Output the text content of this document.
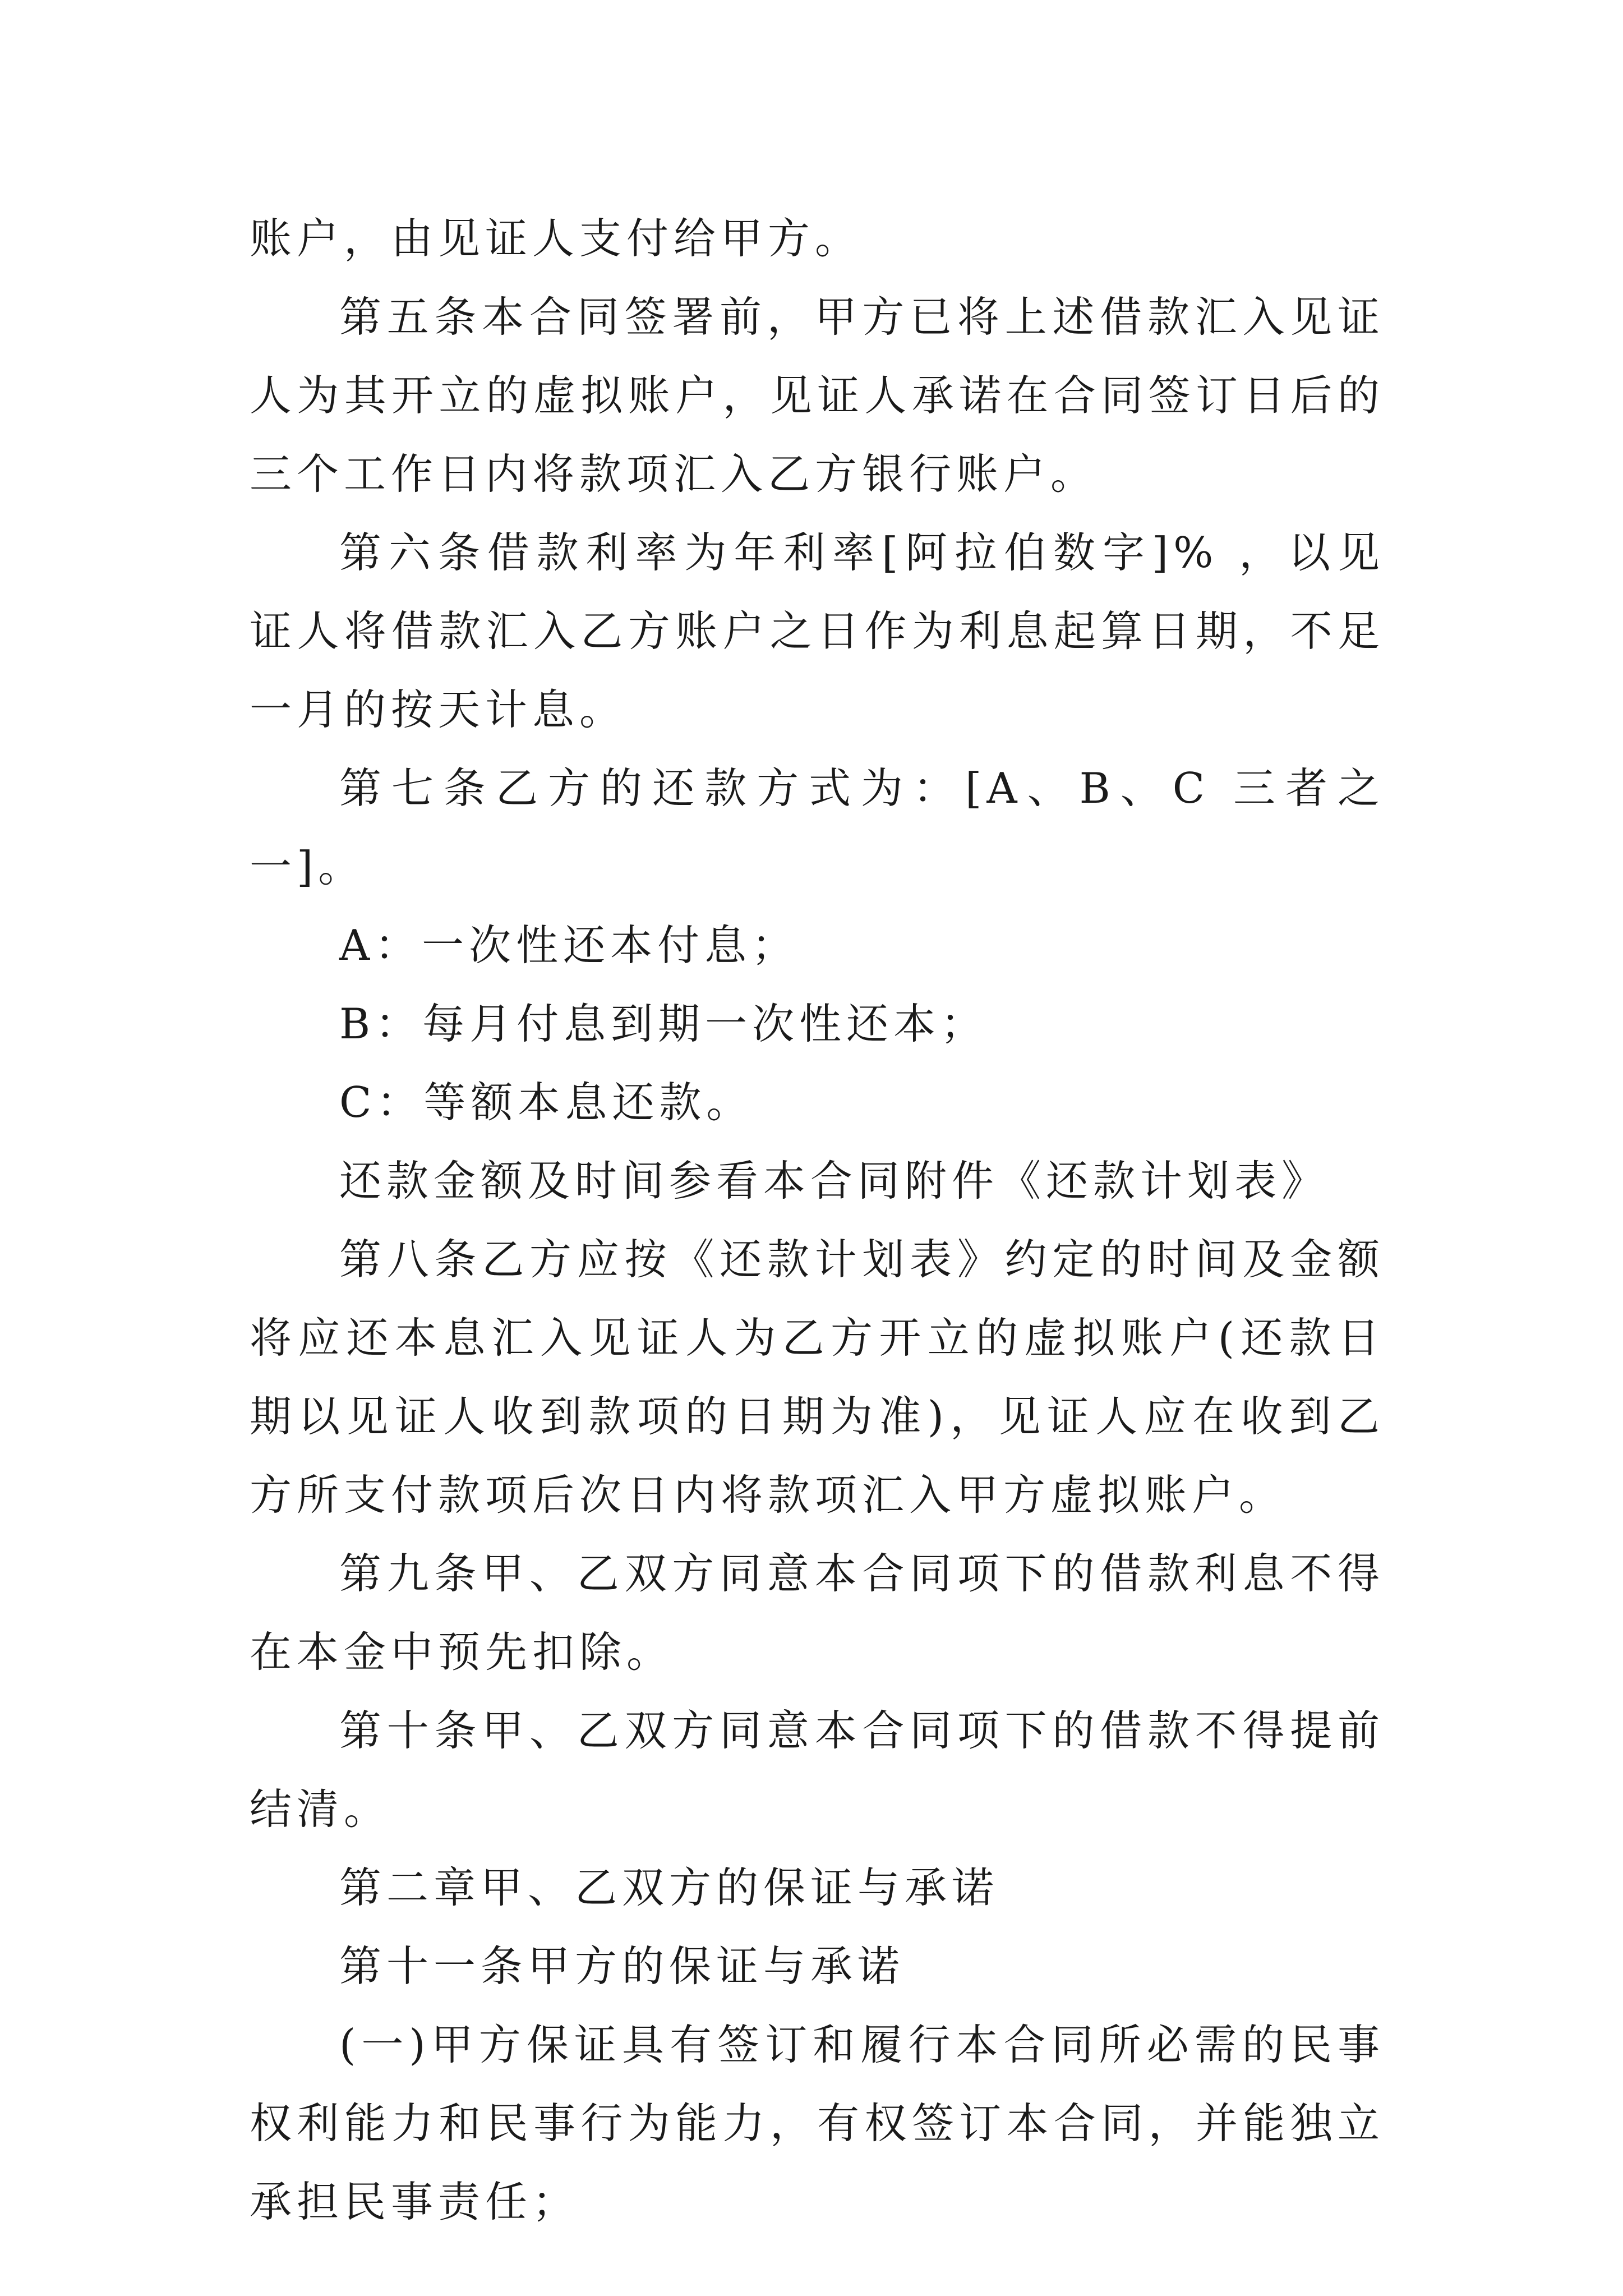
账户，由见证人支付给甲方。

第五条本合同签署前，甲方已将上述借款汇入见证人为其开立的虚拟账户，见证人承诺在合同签订日后的三个工作日内将款项汇入乙方银行账户。

第六条借款利率为年利率[阿拉伯数字]% ，以见证人将借款汇入乙方账户之日作为利息起算日期，不足一月的按天计息。

第七条乙方的还款方式为：[A、B、C 三者之一]。

A：一次性还本付息；

B：每月付息到期一次性还本；

C：等额本息还款。

还款金额及时间参看本合同附件《还款计划表》

第八条乙方应按《还款计划表》约定的时间及金额将应还本息汇入见证人为乙方开立的虚拟账户(还款日期以见证人收到款项的日期为准)，见证人应在收到乙方所支付款项后次日内将款项汇入甲方虚拟账户。

第九条甲、乙双方同意本合同项下的借款利息不得在本金中预先扣除。

第十条甲、乙双方同意本合同项下的借款不得提前结清。

第二章甲、乙双方的保证与承诺

第十一条甲方的保证与承诺

(一)甲方保证具有签订和履行本合同所必需的民事权利能力和民事行为能力，有权签订本合同，并能独立承担民事责任；
